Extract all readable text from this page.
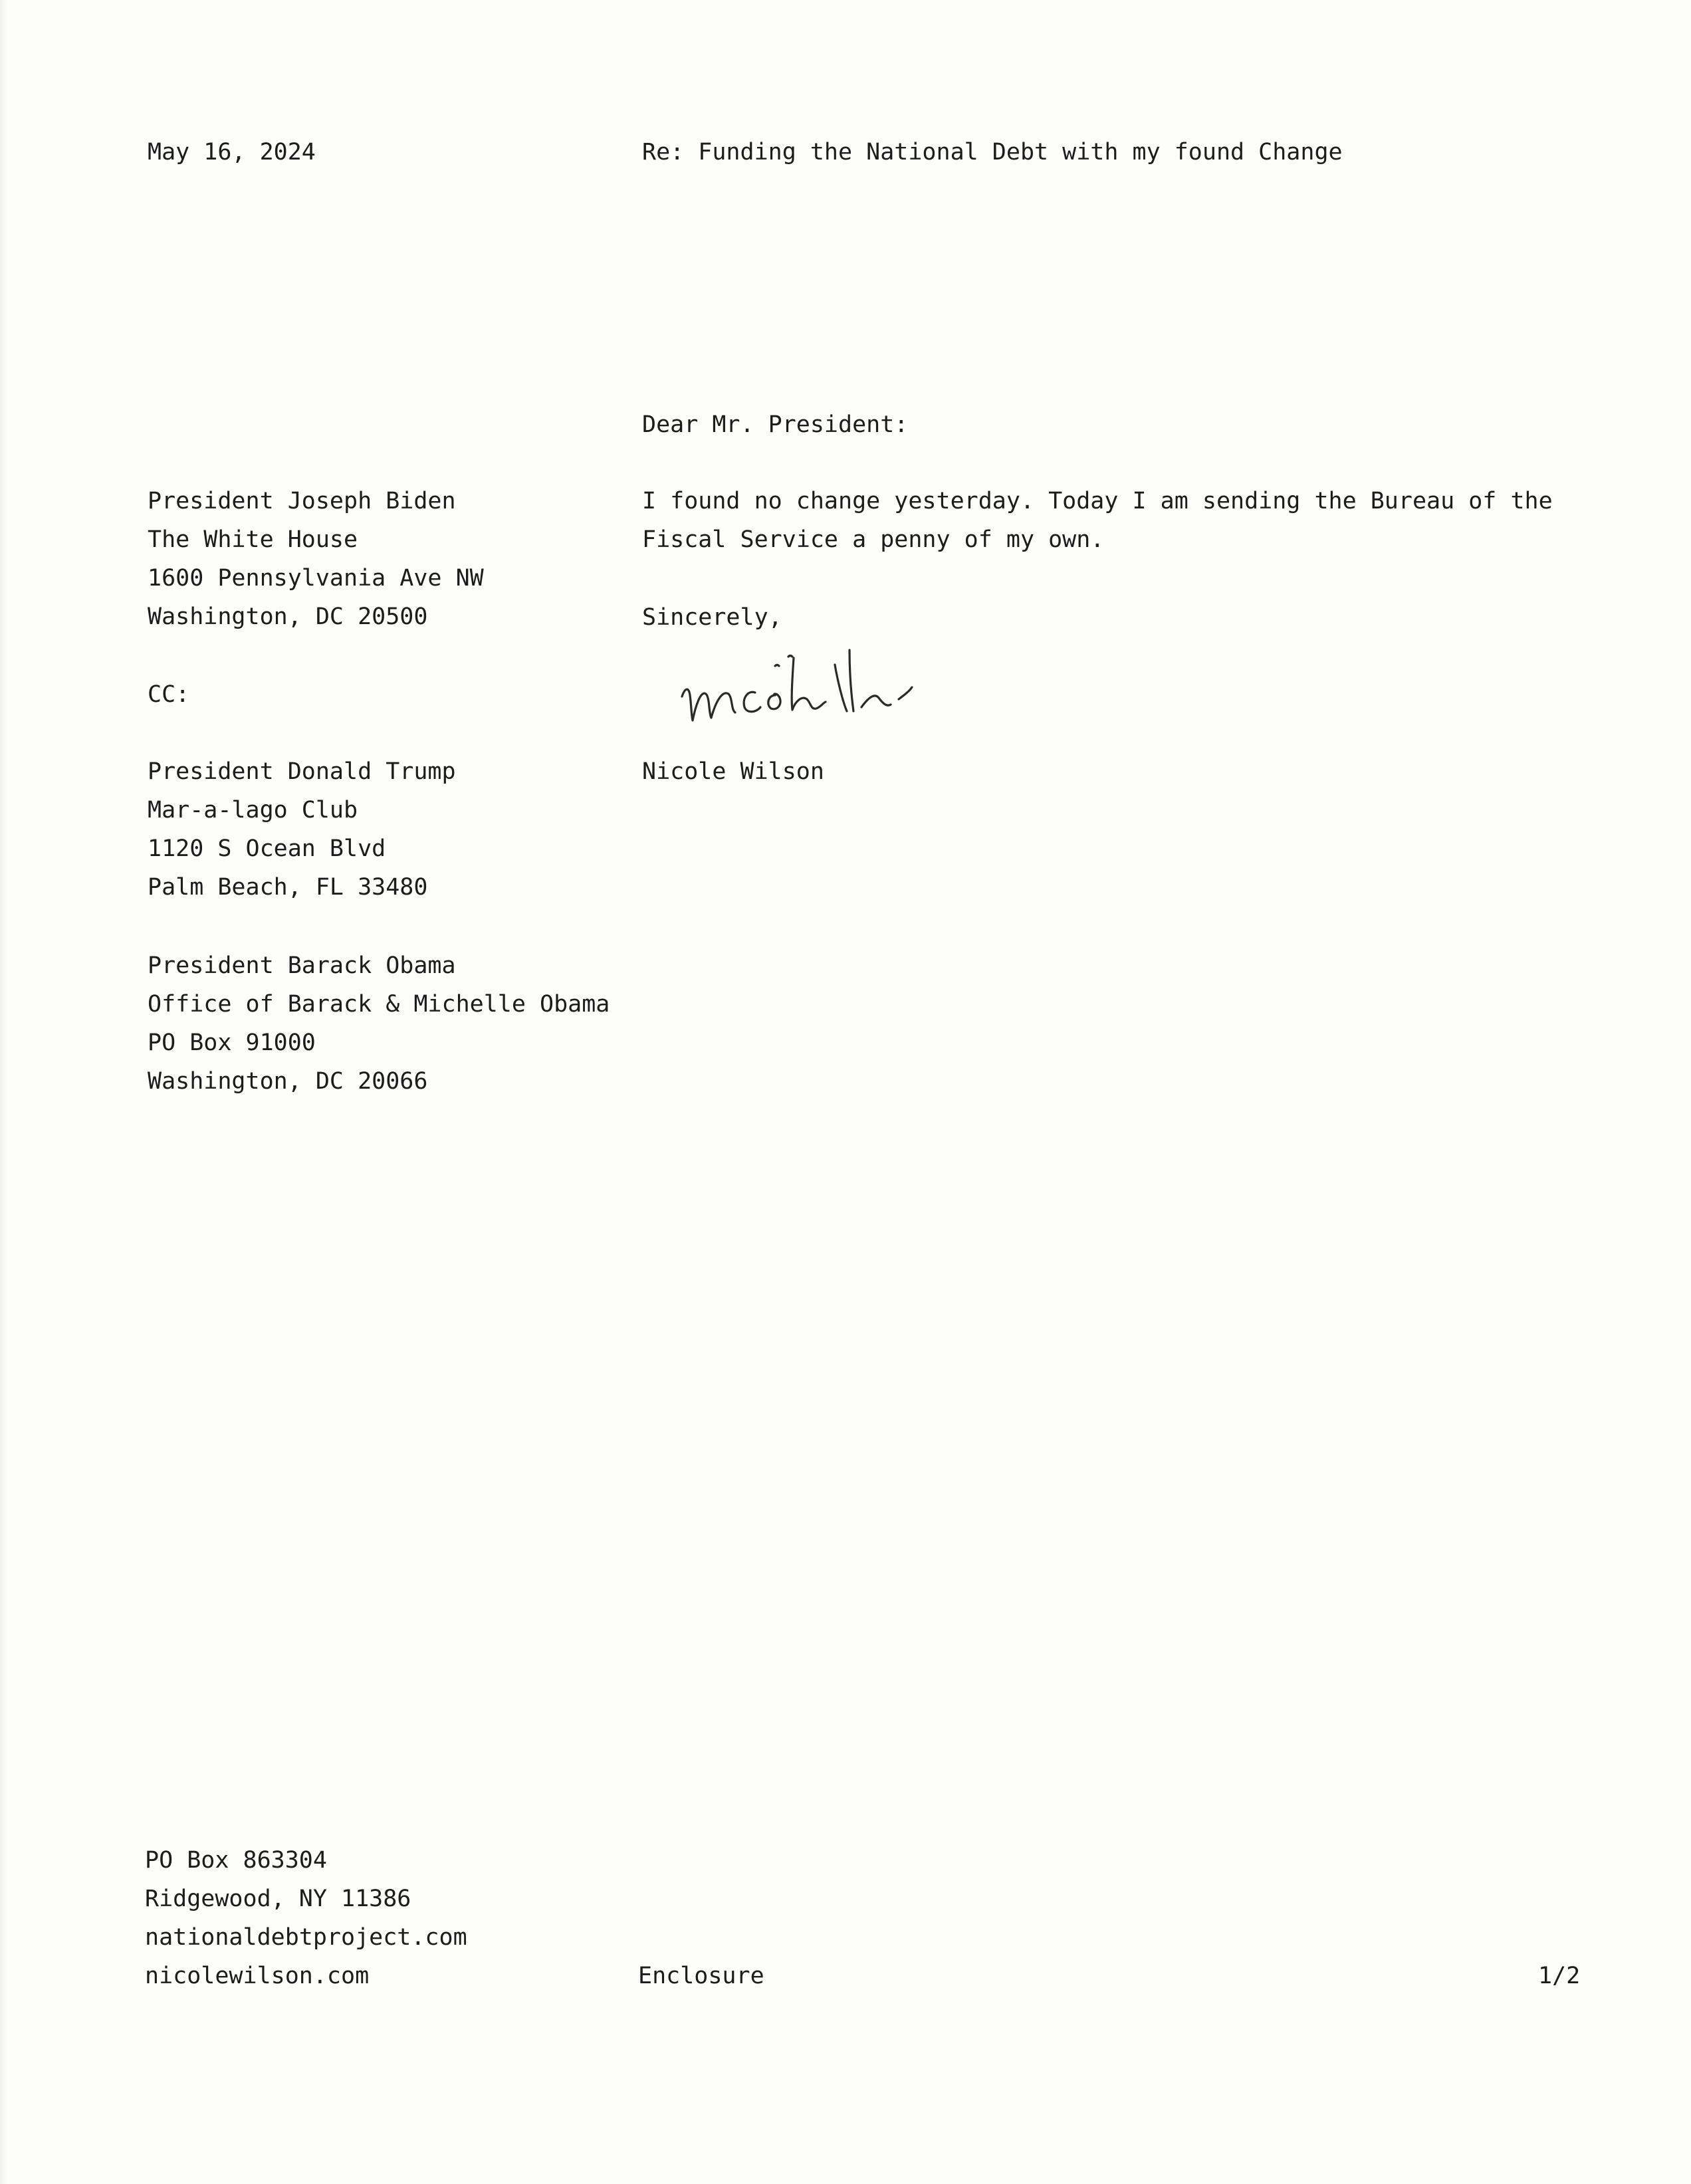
May 16, 2024	Re: Funding the National Debt with my found Change
Dear Mr. President:
President Joseph Biden
The White House
1600 Pennsylvania Ave NW
Washington, DC 20500
I found no change yesterday. Today I am sending the Bureau of the
Fiscal Service a penny of my own.
Sincerely,
Nicole Wilson
CC:
President Donald Trump
Mar-a-lago Club
1120 S Ocean Blvd
Palm Beach, FL 33480
President Barack Obama
Office of Barack & Michelle Obama
PO Box 91000
Washington, DC 20066
PO Box 863304
Ridgewood, NY 11386
nationaldebtproject.com
nicolewilson.com	Enclosure	1/2
